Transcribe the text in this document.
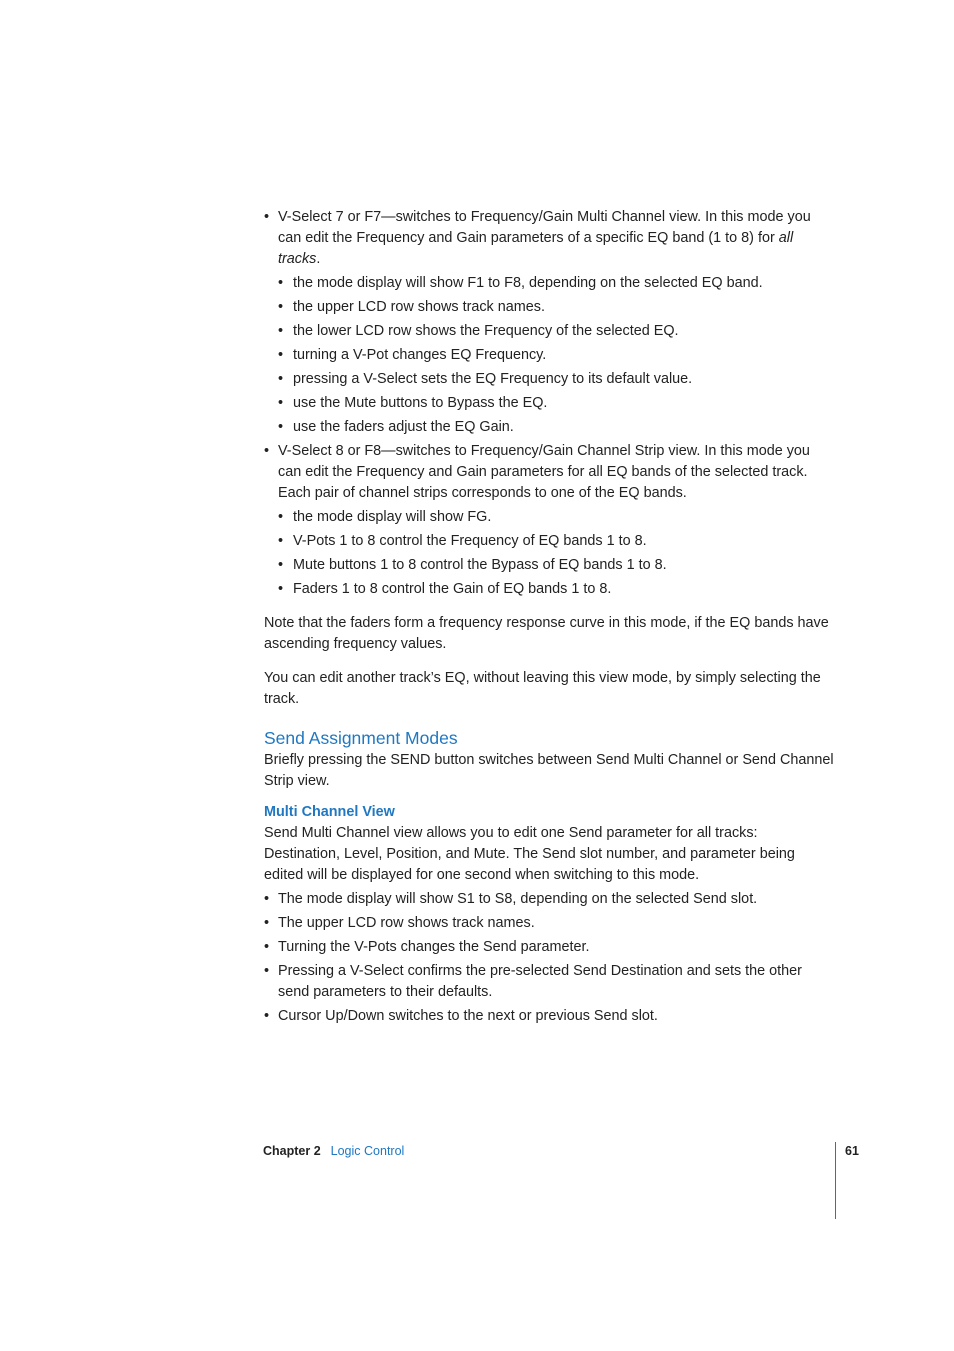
• V-Select 7 or F7—switches to Frequency/Gain Multi Channel view. In this mode you can edit the Frequency and Gain parameters of a specific EQ band (1 to 8) for all tracks.
• the mode display will show F1 to F8, depending on the selected EQ band.
• the upper LCD row shows track names.
• the lower LCD row shows the Frequency of the selected EQ.
• turning a V-Pot changes EQ Frequency.
• pressing a V-Select sets the EQ Frequency to its default value.
• use the Mute buttons to Bypass the EQ.
• use the faders adjust the EQ Gain.
• V-Select 8 or F8—switches to Frequency/Gain Channel Strip view. In this mode you can edit the Frequency and Gain parameters for all EQ bands of the selected track. Each pair of channel strips corresponds to one of the EQ bands.
• the mode display will show FG.
• V-Pots 1 to 8 control the Frequency of EQ bands 1 to 8.
• Mute buttons 1 to 8 control the Bypass of EQ bands 1 to 8.
• Faders 1 to 8 control the Gain of EQ bands 1 to 8.

Note that the faders form a frequency response curve in this mode, if the EQ bands have ascending frequency values.

You can edit another track’s EQ, without leaving this view mode, by simply selecting the track.

Send Assignment Modes

Briefly pressing the SEND button switches between Send Multi Channel or Send Channel Strip view.

Multi Channel View

Send Multi Channel view allows you to edit one Send parameter for all tracks: Destination, Level, Position, and Mute. The Send slot number, and parameter being edited will be displayed for one second when switching to this mode.

• The mode display will show S1 to S8, depending on the selected Send slot.
• The upper LCD row shows track names.
• Turning the V-Pots changes the Send parameter.
• Pressing a V-Select confirms the pre-selected Send Destination and sets the other send parameters to their defaults.
• Cursor Up/Down switches to the next or previous Send slot.
Chapter 2 Logic Control	61
